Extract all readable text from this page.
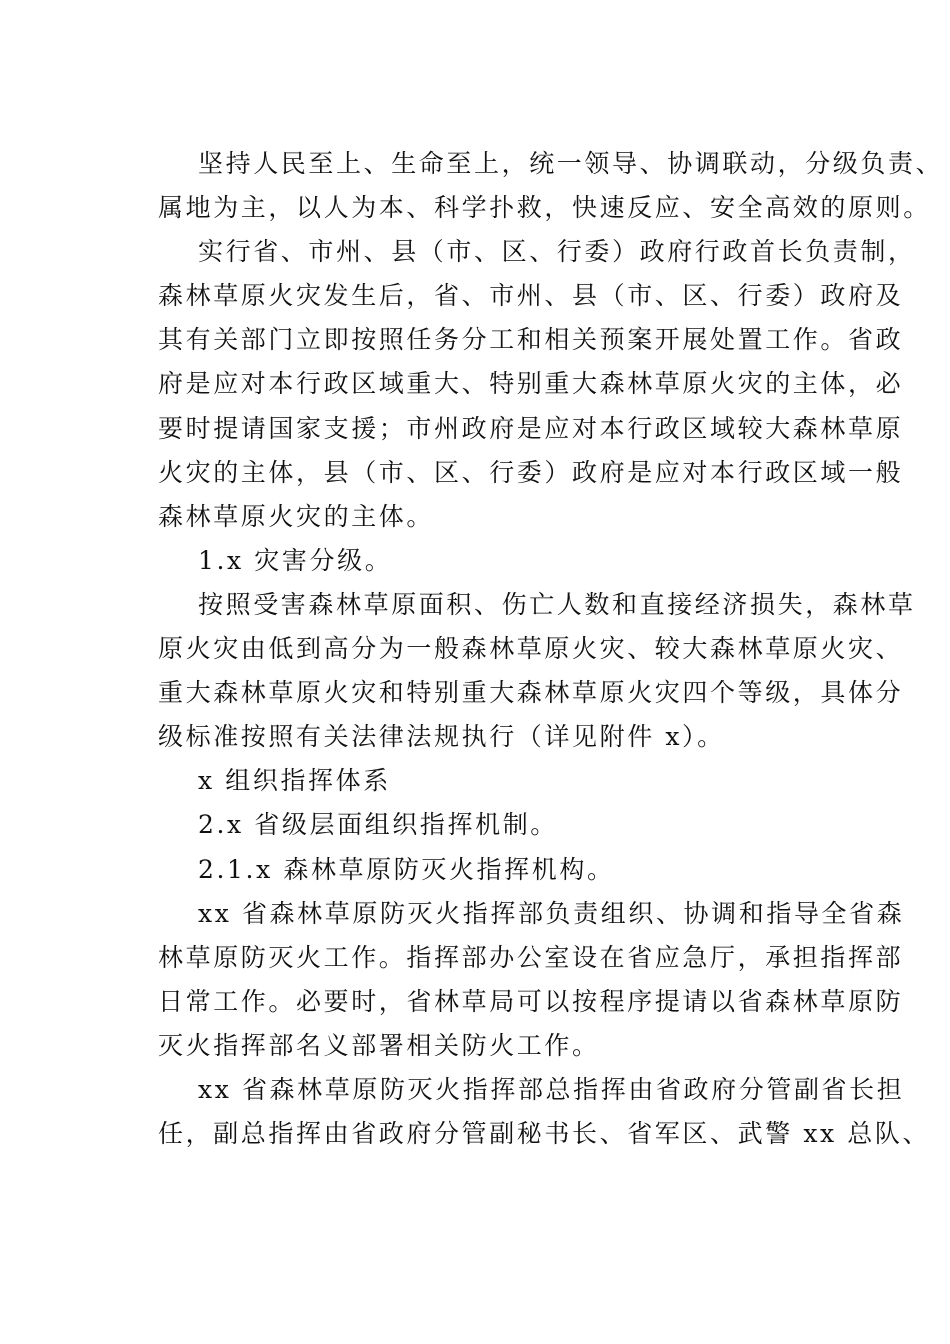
坚持人民至上、生命至上，统一领导、协调联动，分级负责、
属地为主，以人为本、科学扑救，快速反应、安全高效的原则。

实行省、市州、县（市、区、行委）政府行政首长负责制，
森林草原火灾发生后，省、市州、县（市、区、行委）政府及
其有关部门立即按照任务分工和相关预案开展处置工作。省政
府是应对本行政区域重大、特别重大森林草原火灾的主体，必
要时提请国家支援；市州政府是应对本行政区域较大森林草原
火灾的主体，县（市、区、行委）政府是应对本行政区域一般
森林草原火灾的主体。

1.x 灾害分级。

按照受害森林草原面积、伤亡人数和直接经济损失，森林草
原火灾由低到高分为一般森林草原火灾、较大森林草原火灾、
重大森林草原火灾和特别重大森林草原火灾四个等级，具体分
级标准按照有关法律法规执行（详见附件 x）。

x 组织指挥体系

2.x 省级层面组织指挥机制。

2.1.x 森林草原防灭火指挥机构。

xx 省森林草原防灭火指挥部负责组织、协调和指导全省森
林草原防灭火工作。指挥部办公室设在省应急厅，承担指挥部
日常工作。必要时，省林草局可以按程序提请以省森林草原防
灭火指挥部名义部署相关防火工作。

xx 省森林草原防灭火指挥部总指挥由省政府分管副省长担
任，副总指挥由省政府分管副秘书长、省军区、武警 xx 总队、
